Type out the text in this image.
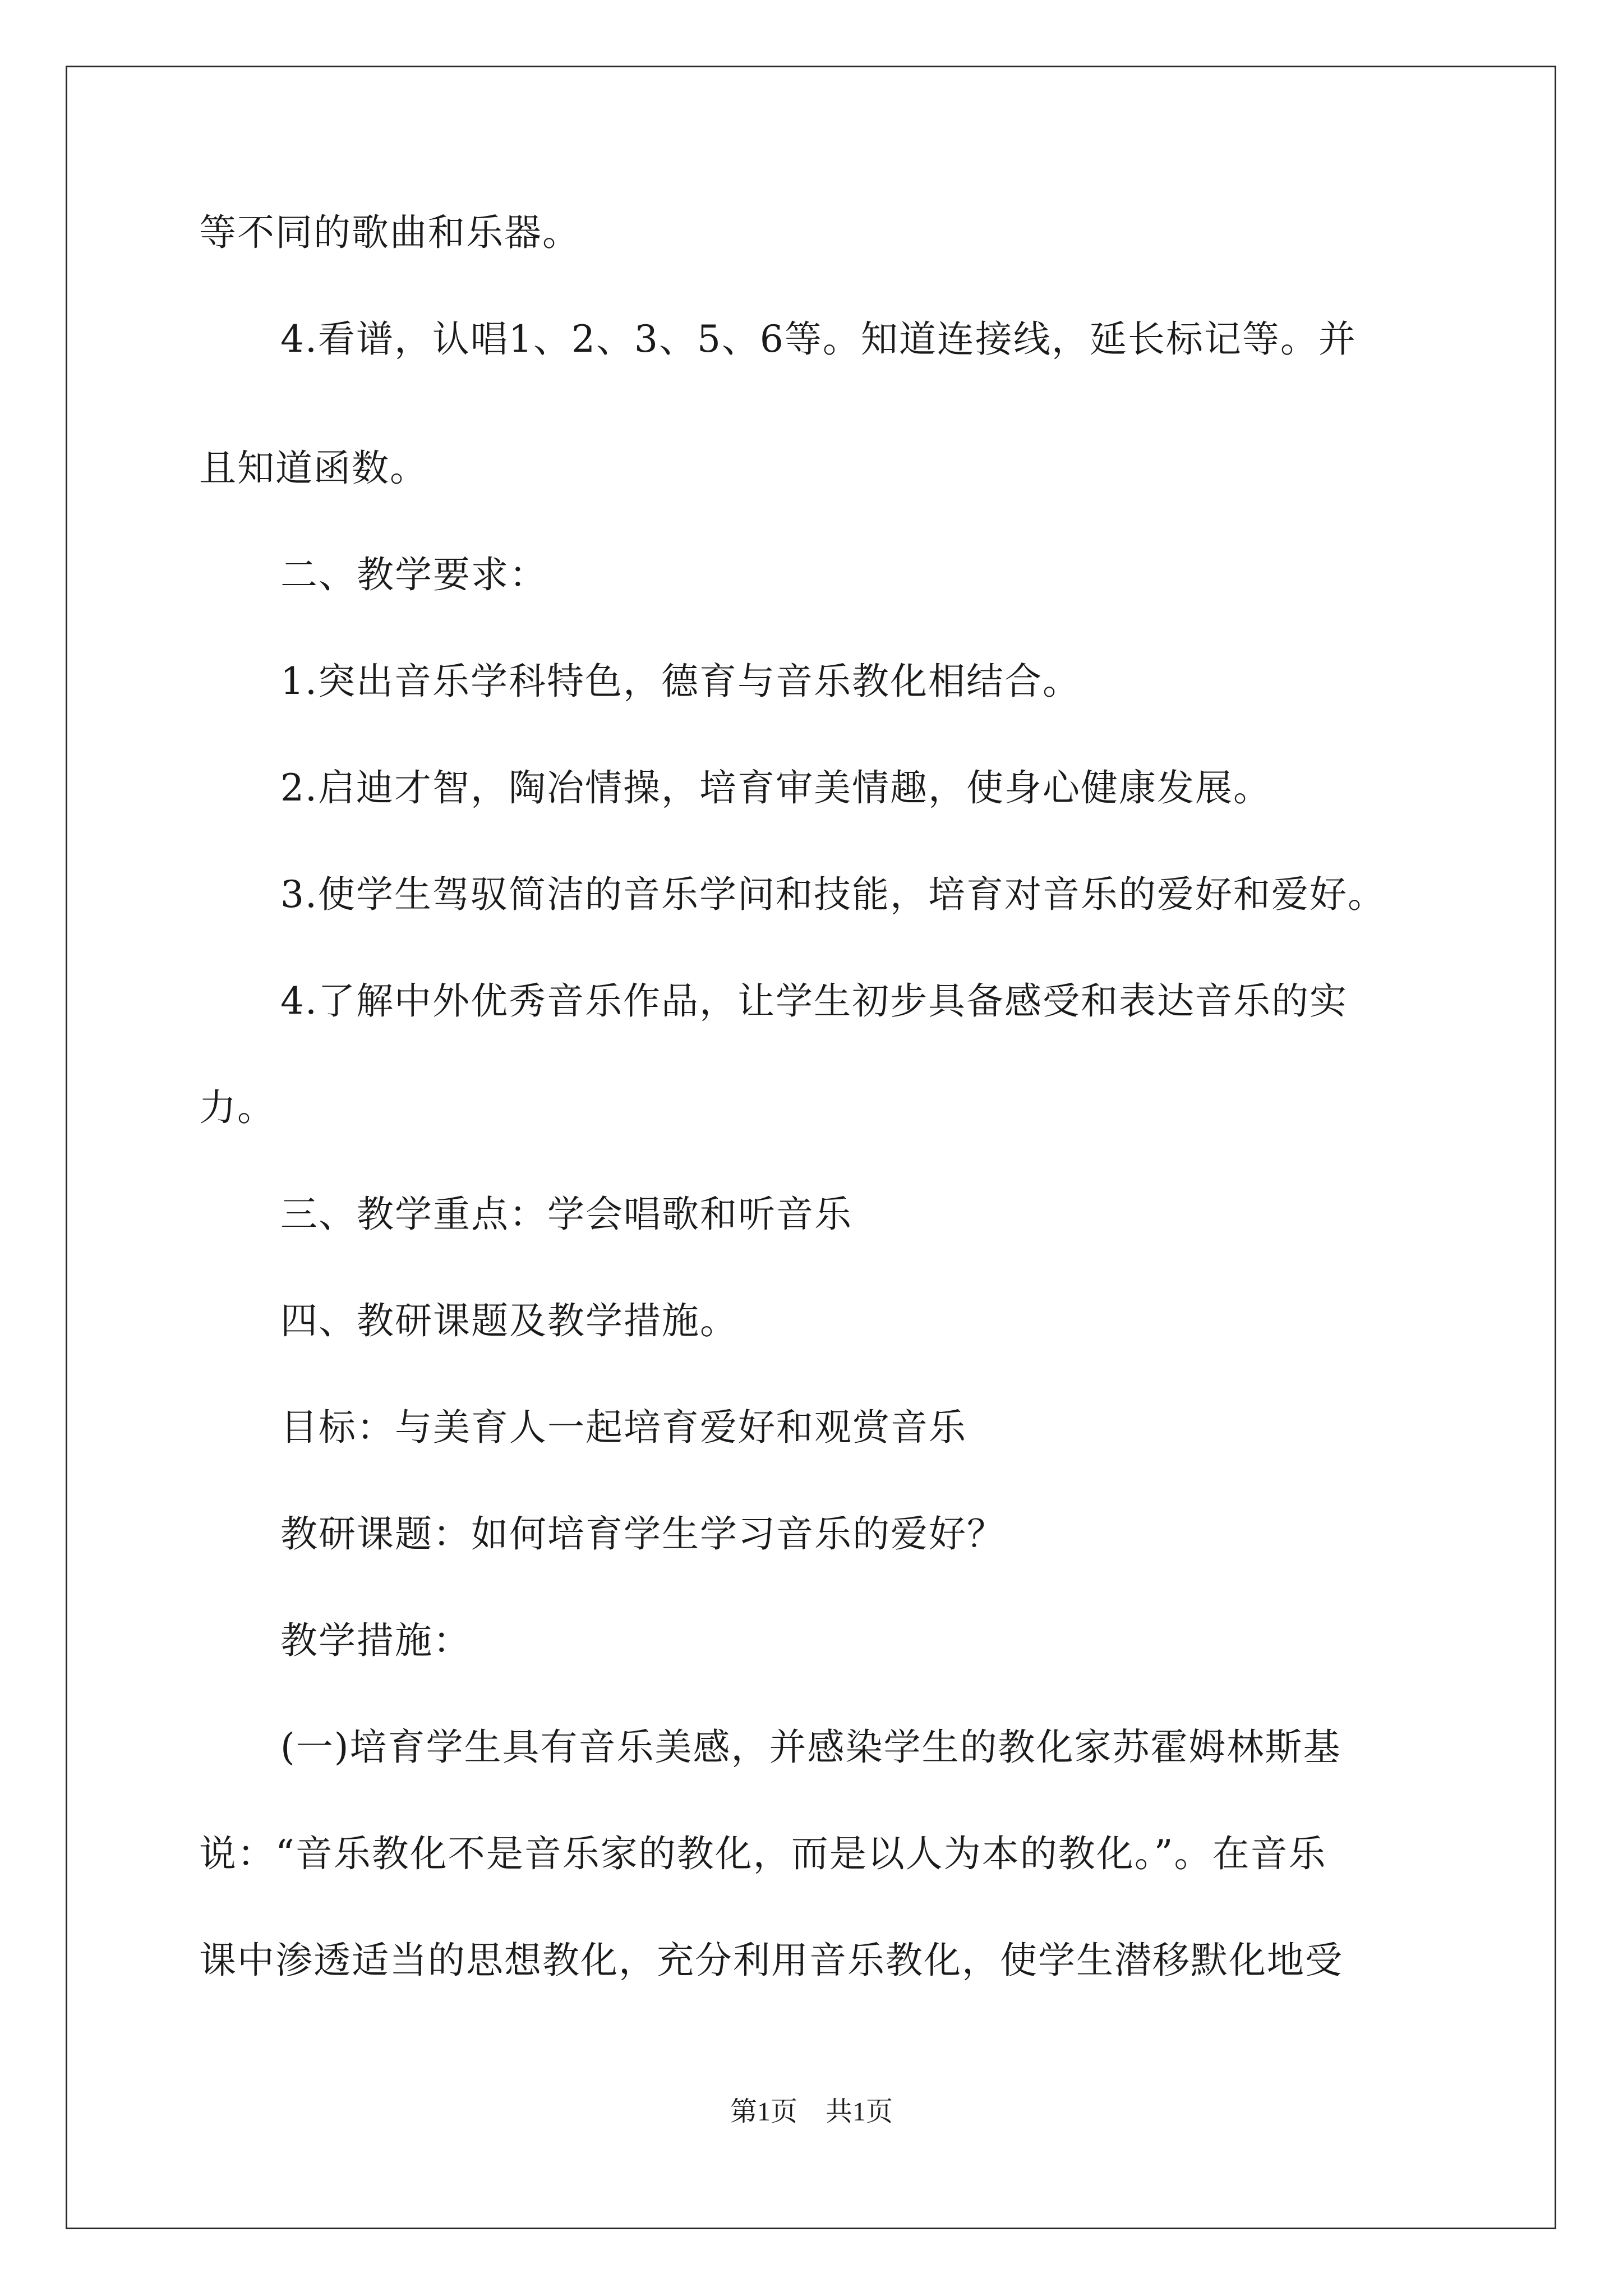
等不同的歌曲和乐器。
4.看谱，认唱1、2、3、5、6等。知道连接线，延长标记等。并
且知道函数。
二、教学要求：
1.突出音乐学科特色，德育与音乐教化相结合。
2.启迪才智，陶冶情操，培育审美情趣，使身心健康发展。
3.使学生驾驭简洁的音乐学问和技能，培育对音乐的爱好和爱好。
4.了解中外优秀音乐作品，让学生初步具备感受和表达音乐的实
力。
三、教学重点：学会唱歌和听音乐
四、教研课题及教学措施。
目标：与美育人一起培育爱好和观赏音乐
教研课题：如何培育学生学习音乐的爱好？
教学措施：
(一)培育学生具有音乐美感，并感染学生的教化家苏霍姆林斯基
说：“音乐教化不是音乐家的教化，而是以人为本的教化。”。在音乐
课中渗透适当的思想教化，充分利用音乐教化，使学生潜移默化地受
第1页 共1页
